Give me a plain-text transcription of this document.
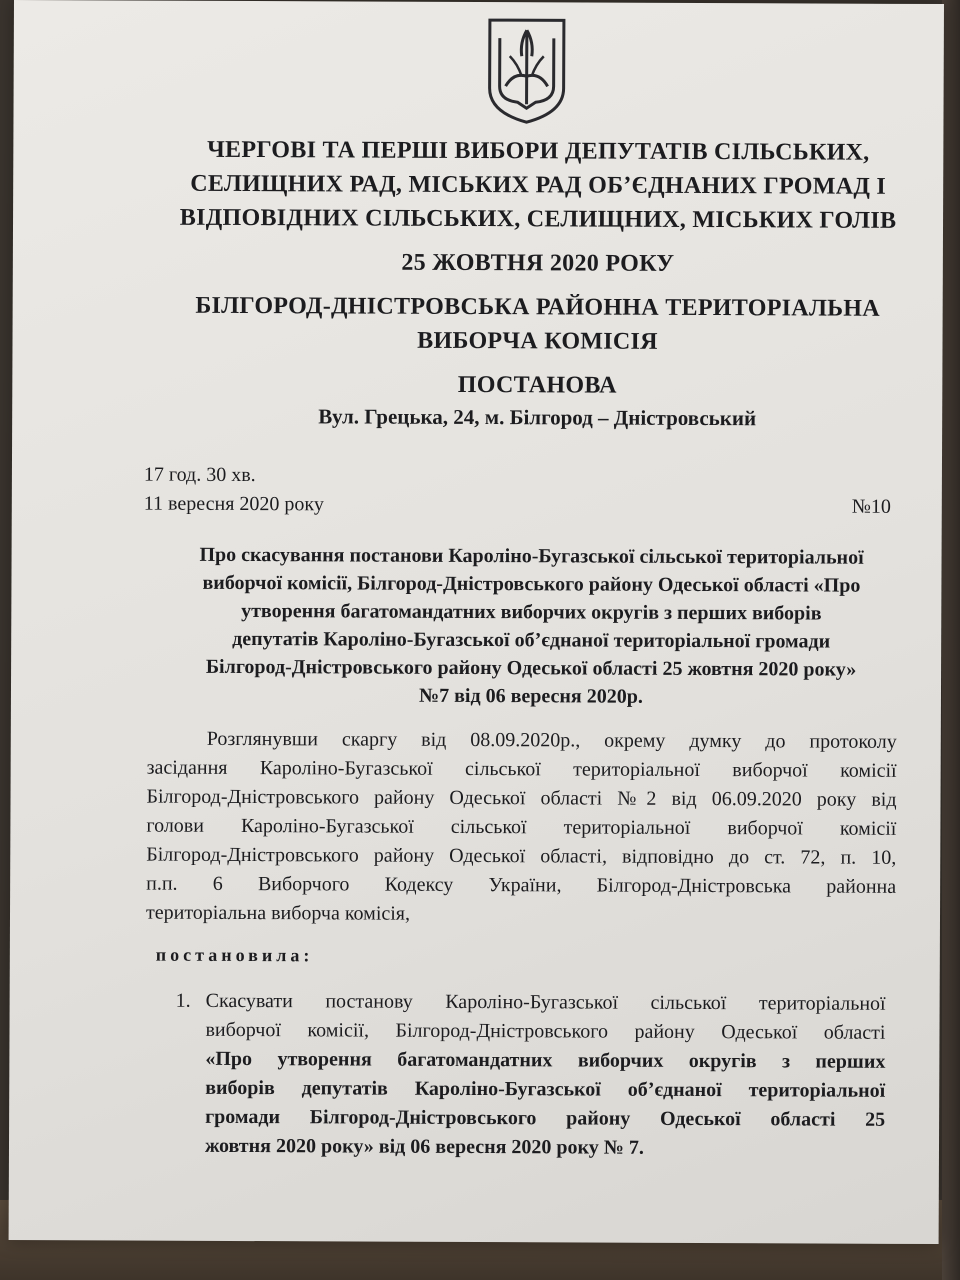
ЧЕРГОВІ ТА ПЕРШІ ВИБОРИ ДЕПУТАТІВ СІЛЬСЬКИХ,
СЕЛИЩНИХ РАД, МІСЬКИХ РАД ОБ’ЄДНАНИХ ГРОМАД І
ВІДПОВІДНИХ СІЛЬСЬКИХ, СЕЛИЩНИХ, МІСЬКИХ ГОЛІВ
25 ЖОВТНЯ 2020 РОКУ
БІЛГОРОД-ДНІСТРОВСЬКА РАЙОННА ТЕРИТОРІАЛЬНА
ВИБОРЧА КОМІСІЯ
ПОСТАНОВА
Вул. Грецька, 24, м. Білгород – Дністровський
17 год. 30 хв.
11 вересня 2020 року	№10
Про скасування постанови Кароліно-Бугазської сільської територіальної
виборчої комісії, Білгород-Дністровського району Одеської області «Про
утворення багатомандатних виборчих округів з перших виборів
депутатів Кароліно-Бугазської об’єднаної територіальної громади
Білгород-Дністровського району Одеської області 25 жовтня 2020 року»
№7 від 06 вересня 2020р.
Розглянувши скаргу від 08.09.2020р., окрему думку до протоколу
засідання Кароліно-Бугазської сільської територіальної виборчої комісії
Білгород-Дністровського району Одеської області №2 від 06.09.2020 року від
голови Кароліно-Бугазської сільської територіальної виборчої комісії
Білгород-Дністровського району Одеської області, відповідно до ст. 72, п. 10,
п.п. 6 Виборчого Кодексу України, Білгород-Дністровська районна
територіальна виборча комісія,
постановила:
1. Скасувати постанову Кароліно-Бугазської сільської територіальної
виборчої комісії, Білгород-Дністровського району Одеської області
«Про утворення багатомандатних виборчих округів з перших
виборів депутатів Кароліно-Бугазської об’єднаної територіальної
громади Білгород-Дністровського району Одеської області 25
жовтня 2020 року» від 06 вересня 2020 року № 7.
